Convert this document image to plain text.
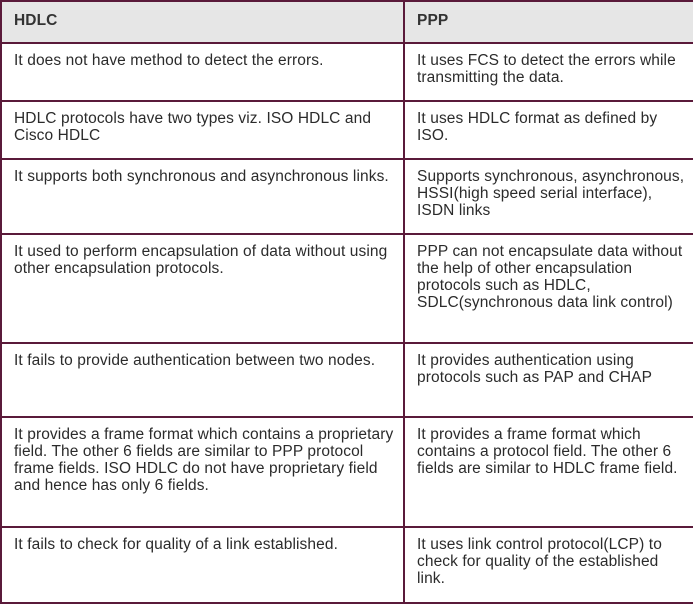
HDLC	PPP
It does not have method to detect the errors.	It uses FCS to detect the errors while transmitting the data.
HDLC protocols have two types viz. ISO HDLC and Cisco HDLC	It uses HDLC format as defined by ISO.
It supports both synchronous and asynchronous links.	Supports synchronous, asynchronous, HSSI(high speed serial interface), ISDN links
It used to perform encapsulation of data without using other encapsulation protocols.	PPP can not encapsulate data without the help of other encapsulation protocols such as HDLC, SDLC(synchronous data link control)
It fails to provide authentication between two nodes.	It provides authentication using protocols such as PAP and CHAP
It provides a frame format which contains a proprietary field. The other 6 fields are similar to PPP protocol frame fields. ISO HDLC do not have proprietary field and hence has only 6 fields.	It provides a frame format which contains a protocol field. The other 6 fields are similar to HDLC frame field.
It fails to check for quality of a link established.	It uses link control protocol(LCP) to check for quality of the established link.
